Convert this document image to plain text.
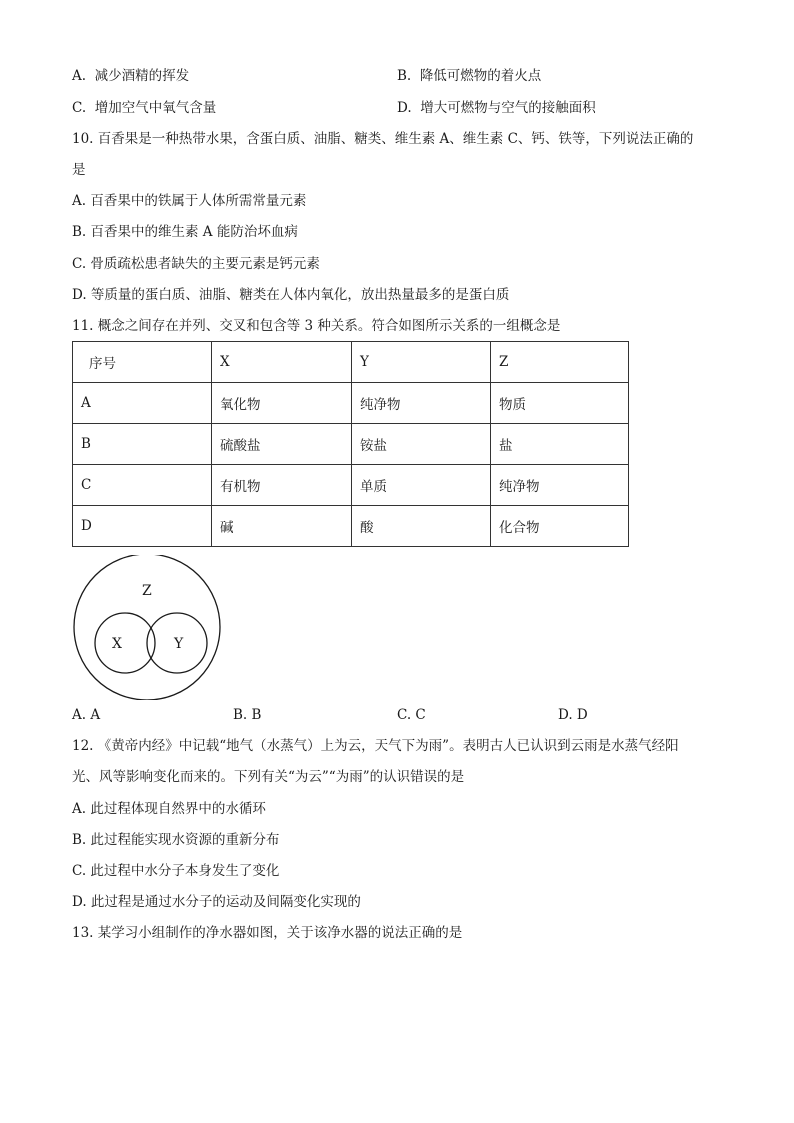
A. 减少酒精的挥发	B. 降低可燃物的着火点
C. 增加空气中氧气含量	D. 增大可燃物与空气的接触面积
10. 百香果是一种热带水果，含蛋白质、油脂、糖类、维生素 A、维生素 C、钙、铁等，下列说法正确的
是
A. 百香果中的铁属于人体所需常量元素
B. 百香果中的维生素 A 能防治坏血病
C. 骨质疏松患者缺失的主要元素是钙元素
D. 等质量的蛋白质、油脂、糖类在人体内氧化，放出热量最多的是蛋白质
11. 概念之间存在并列、交叉和包含等 3 种关系。符合如图所示关系的一组概念是
序号	X	Y	Z
A	氧化物	纯净物	物质
B	硫酸盐	铵盐	盐
C	有机物	单质	纯净物
D	碱	酸	化合物
Z
X	Y
A. A	B. B	C. C	D. D
12. 《黄帝内经》中记载“地气（水蒸气）上为云，天气下为雨”。表明古人已认识到云雨是水蒸气经阳
光、风等影响变化而来的。下列有关“为云”“为雨”的认识错误的是
A. 此过程体现自然界中的水循环
B. 此过程能实现水资源的重新分布
C. 此过程中水分子本身发生了变化
D. 此过程是通过水分子的运动及间隔变化实现的
13. 某学习小组制作的净水器如图，关于该净水器的说法正确的是
